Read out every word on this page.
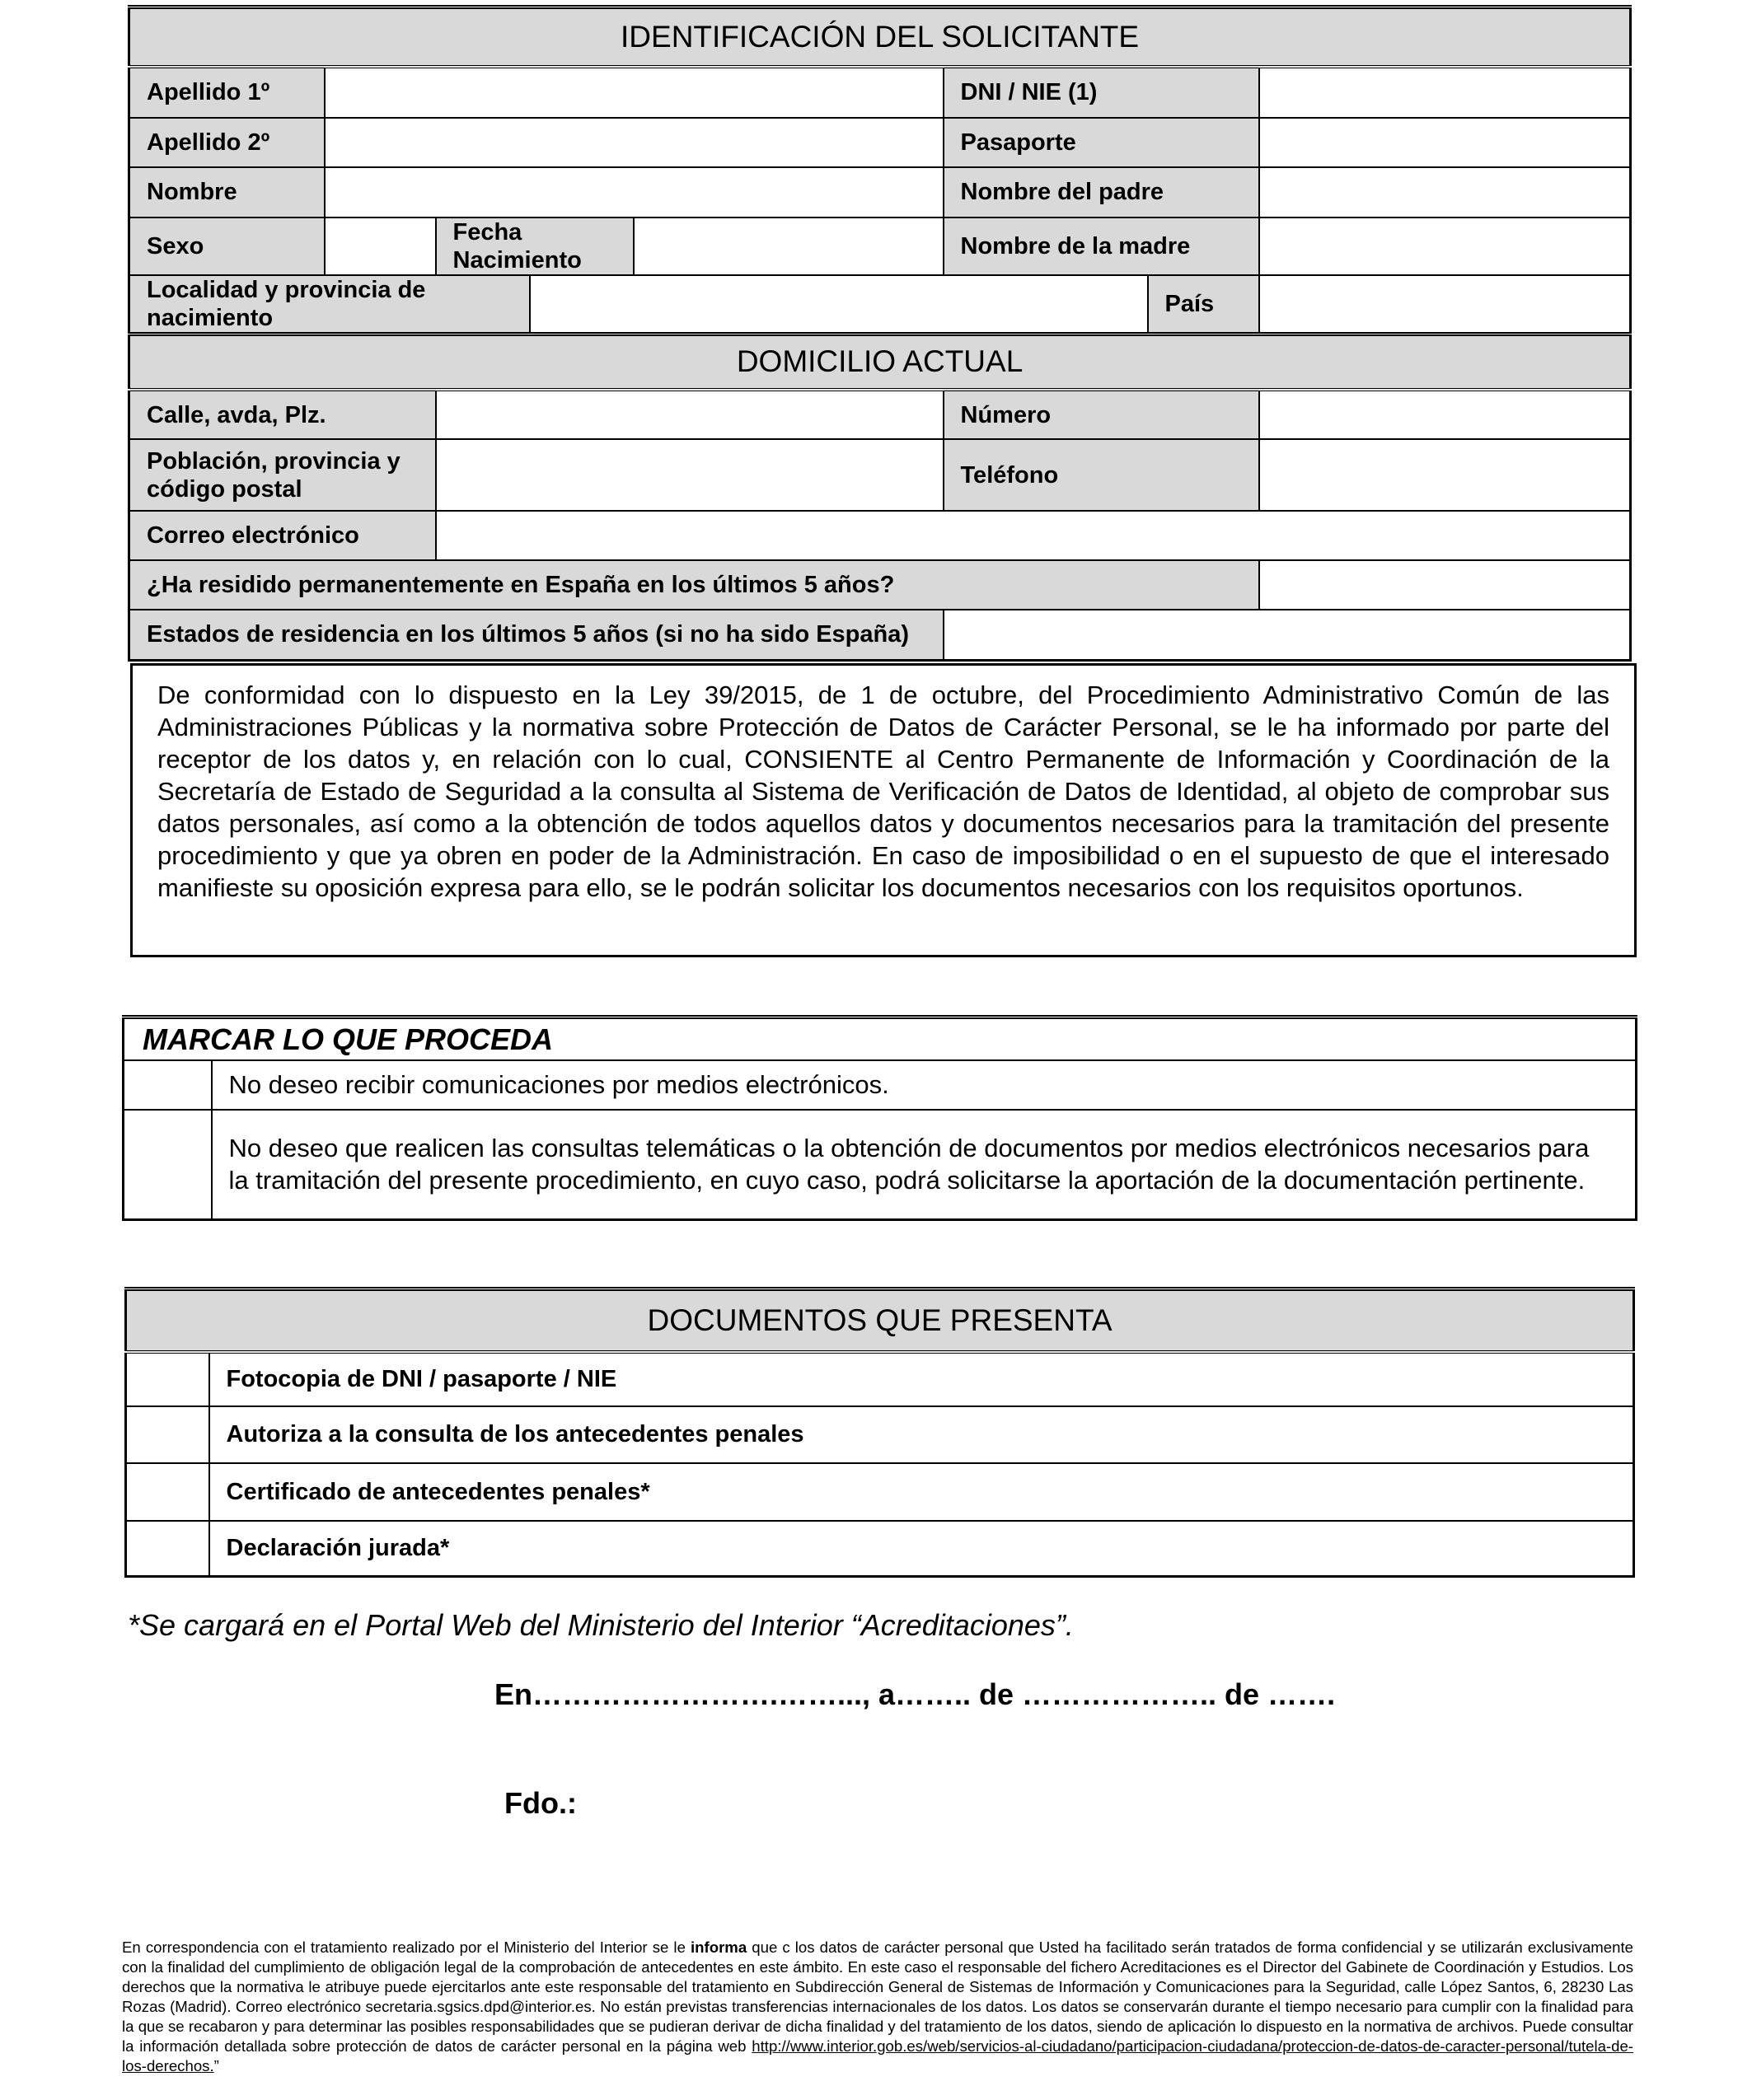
IDENTIFICACIÓN DEL SOLICITANTE							
Apellido 1º					DNI / NIE (1)		
Apellido 2º					Pasaporte		
Nombre					Nombre del padre		
Sexo		Fecha Nacimiento			Nombre de la madre		
Localidad y provincia de nacimiento						País	
DOMICILIO ACTUAL							
Calle, avda, Plz.					Número		
Población, provincia y
código postal					Teléfono		
Correo electrónico							
¿Ha residido permanentemente en España en los últimos 5 años?							
Estados de residencia en los últimos 5 años (si no ha sido España)							
De conformidad con lo dispuesto en la Ley 39/2015, de 1 de octubre, del Procedimiento Administrativo Común de las Administraciones Públicas y la normativa sobre Protección de Datos de Carácter Personal, se le ha informado por parte del receptor de los datos y, en relación con lo cual, CONSIENTE al Centro Permanente de Información y Coordinación de la Secretaría de Estado de Seguridad a la consulta al Sistema de Verificación de Datos de Identidad, al objeto de comprobar sus datos personales, así como a la obtención de todos aquellos datos y documentos necesarios para la tramitación del presente procedimiento y que ya obren en poder de la Administración. En caso de imposibilidad o en el supuesto de que el interesado manifieste su oposición expresa para ello, se le podrán solicitar los documentos necesarios con los requisitos oportunos.
MARCAR LO QUE PROCEDA	
	No deseo recibir comunicaciones por medios electrónicos.
	No deseo que realicen las consultas telemáticas o la obtención de documentos por medios electrónicos necesarios para la tramitación del presente procedimiento, en cuyo caso, podrá solicitarse la aportación de la documentación pertinente.
DOCUMENTOS QUE PRESENTA	
	Fotocopia de DNI / pasaporte / NIE
	Autoriza a la consulta de los antecedentes penales
	Certificado de antecedentes penales*
	Declaración jurada*
*Se cargará en el Portal Web del Ministerio del Interior “Acreditaciones”.
En…………………….……..., a…….. de ……………….. de …….
Fdo.:
En correspondencia con el tratamiento realizado por el Ministerio del Interior se le informa que c los datos de carácter personal que Usted ha facilitado serán tratados de forma confidencial y se utilizarán exclusivamente con la finalidad del cumplimiento de obligación legal de la comprobación de antecedentes en este ámbito. En este caso el responsable del fichero Acreditaciones es el Director del Gabinete de Coordinación y Estudios. Los derechos que la normativa le atribuye puede ejercitarlos ante este responsable del tratamiento en Subdirección General de Sistemas de Información y Comunicaciones para la Seguridad, calle López Santos, 6, 28230 Las Rozas (Madrid). Correo electrónico secretaria.sgsics.dpd@interior.es. No están previstas transferencias internacionales de los datos. Los datos se conservarán durante el tiempo necesario para cumplir con la finalidad para la que se recabaron y para determinar las posibles responsabilidades que se pudieran derivar de dicha finalidad y del tratamiento de los datos, siendo de aplicación lo dispuesto en la normativa de archivos. Puede consultar la información detallada sobre protección de datos de carácter personal en la página web http://www.interior.gob.es/web/servicios-al-ciudadano/participacion-ciudadana/proteccion-de-datos-de-caracter-personal/tutela-de-los-derechos.”
